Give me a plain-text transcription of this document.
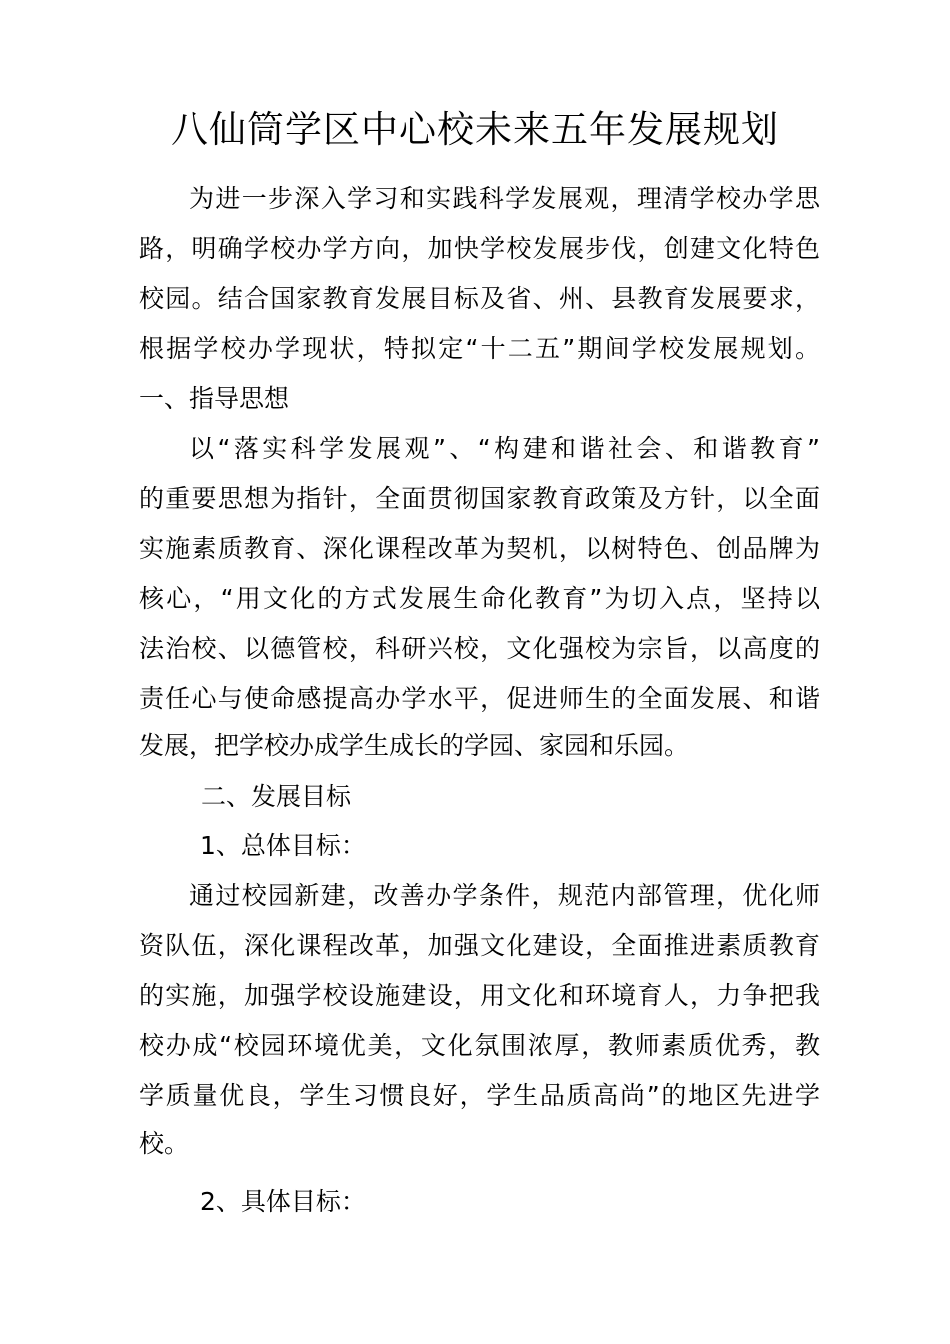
八仙筒学区中心校未来五年发展规划
为进一步深入学习和实践科学发展观，理清学校办学思
路，明确学校办学方向，加快学校发展步伐，创建文化特色
校园。结合国家教育发展目标及省、州、县教育发展要求，
根据学校办学现状，特拟定“十二五”期间学校发展规划。
一、指导思想
以“落实科学发展观”、“构建和谐社会、和谐教育”
的重要思想为指针，全面贯彻国家教育政策及方针，以全面
实施素质教育、深化课程改革为契机，以树特色、创品牌为
核心，“用文化的方式发展生命化教育”为切入点，坚持以
法治校、以德管校，科研兴校，文化强校为宗旨，以高度的
责任心与使命感提高办学水平，促进师生的全面发展、和谐
发展，把学校办成学生成长的学园、家园和乐园。
二、发展目标
1、总体目标：
通过校园新建，改善办学条件，规范内部管理，优化师
资队伍，深化课程改革，加强文化建设，全面推进素质教育
的实施，加强学校设施建设，用文化和环境育人，力争把我
校办成“校园环境优美，文化氛围浓厚，教师素质优秀，教
学质量优良，学生习惯良好，学生品质高尚”的地区先进学
校。
2、具体目标：
